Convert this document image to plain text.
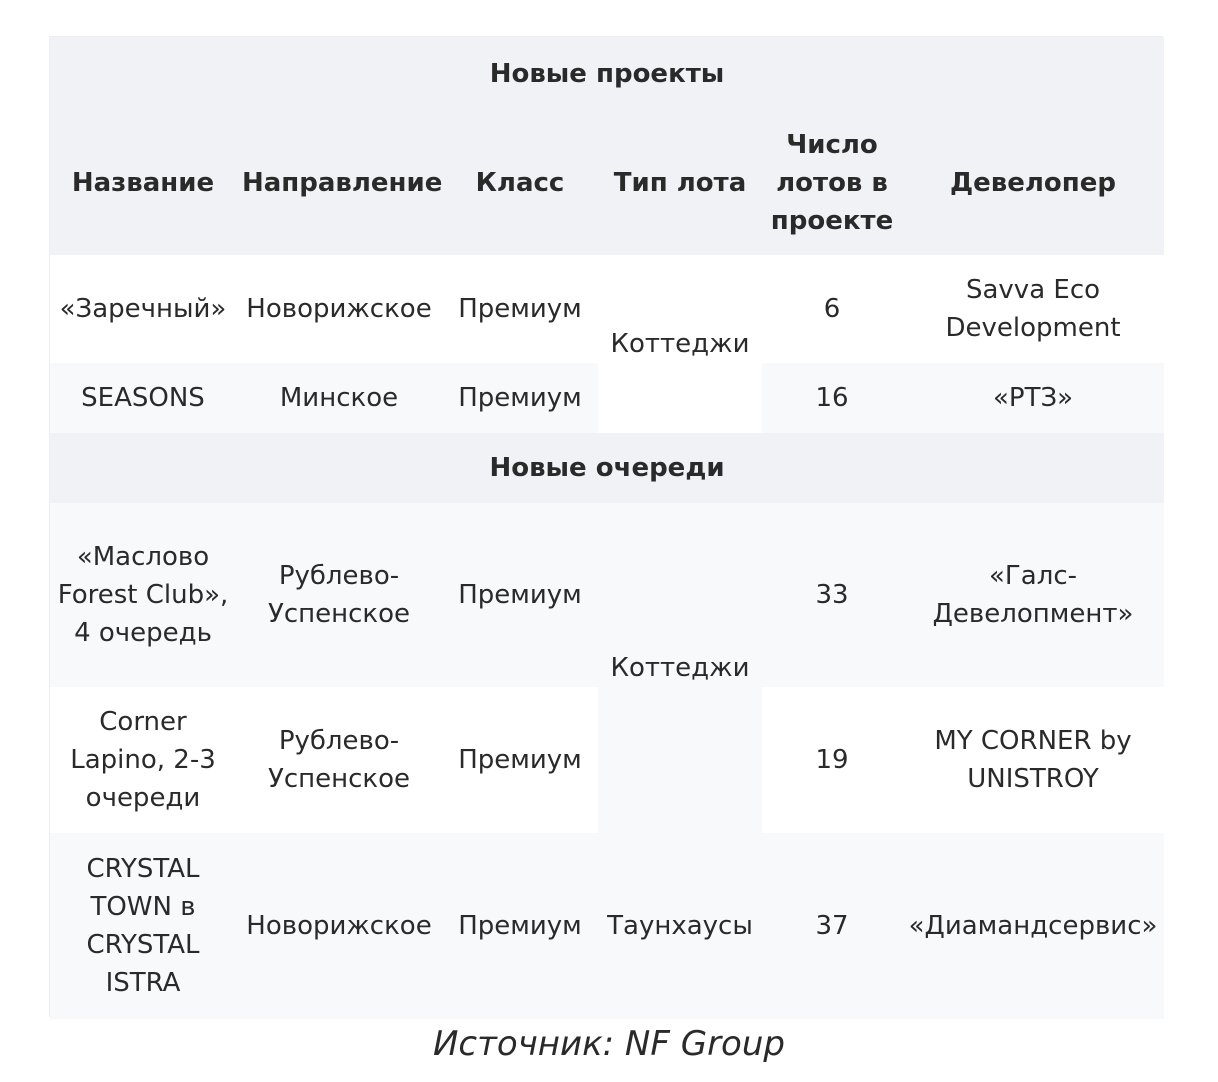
Новые проекты					
Название	Направление	Класс	Тип лота	Число лотов в проекте	Девелопер
«Заречный»	Новорижское	Премиум	Коттеджи	6	Savva Eco Development
SEASONS	Минское	Премиум		16	«РТЗ»
Новые очереди					
«Маслово Forest Club», 4 очередь	Рублево-Успенское	Премиум	Коттеджи	33	«Галс-Девелопмент»
Corner Lapino, 2-3 очереди	Рублево-Успенское	Премиум		19	MY CORNER by UNISTROY
CRYSTAL TOWN в CRYSTAL ISTRA	Новорижское	Премиум	Таунхаусы	37	«Диамандсервис»
Источник: NF Group
